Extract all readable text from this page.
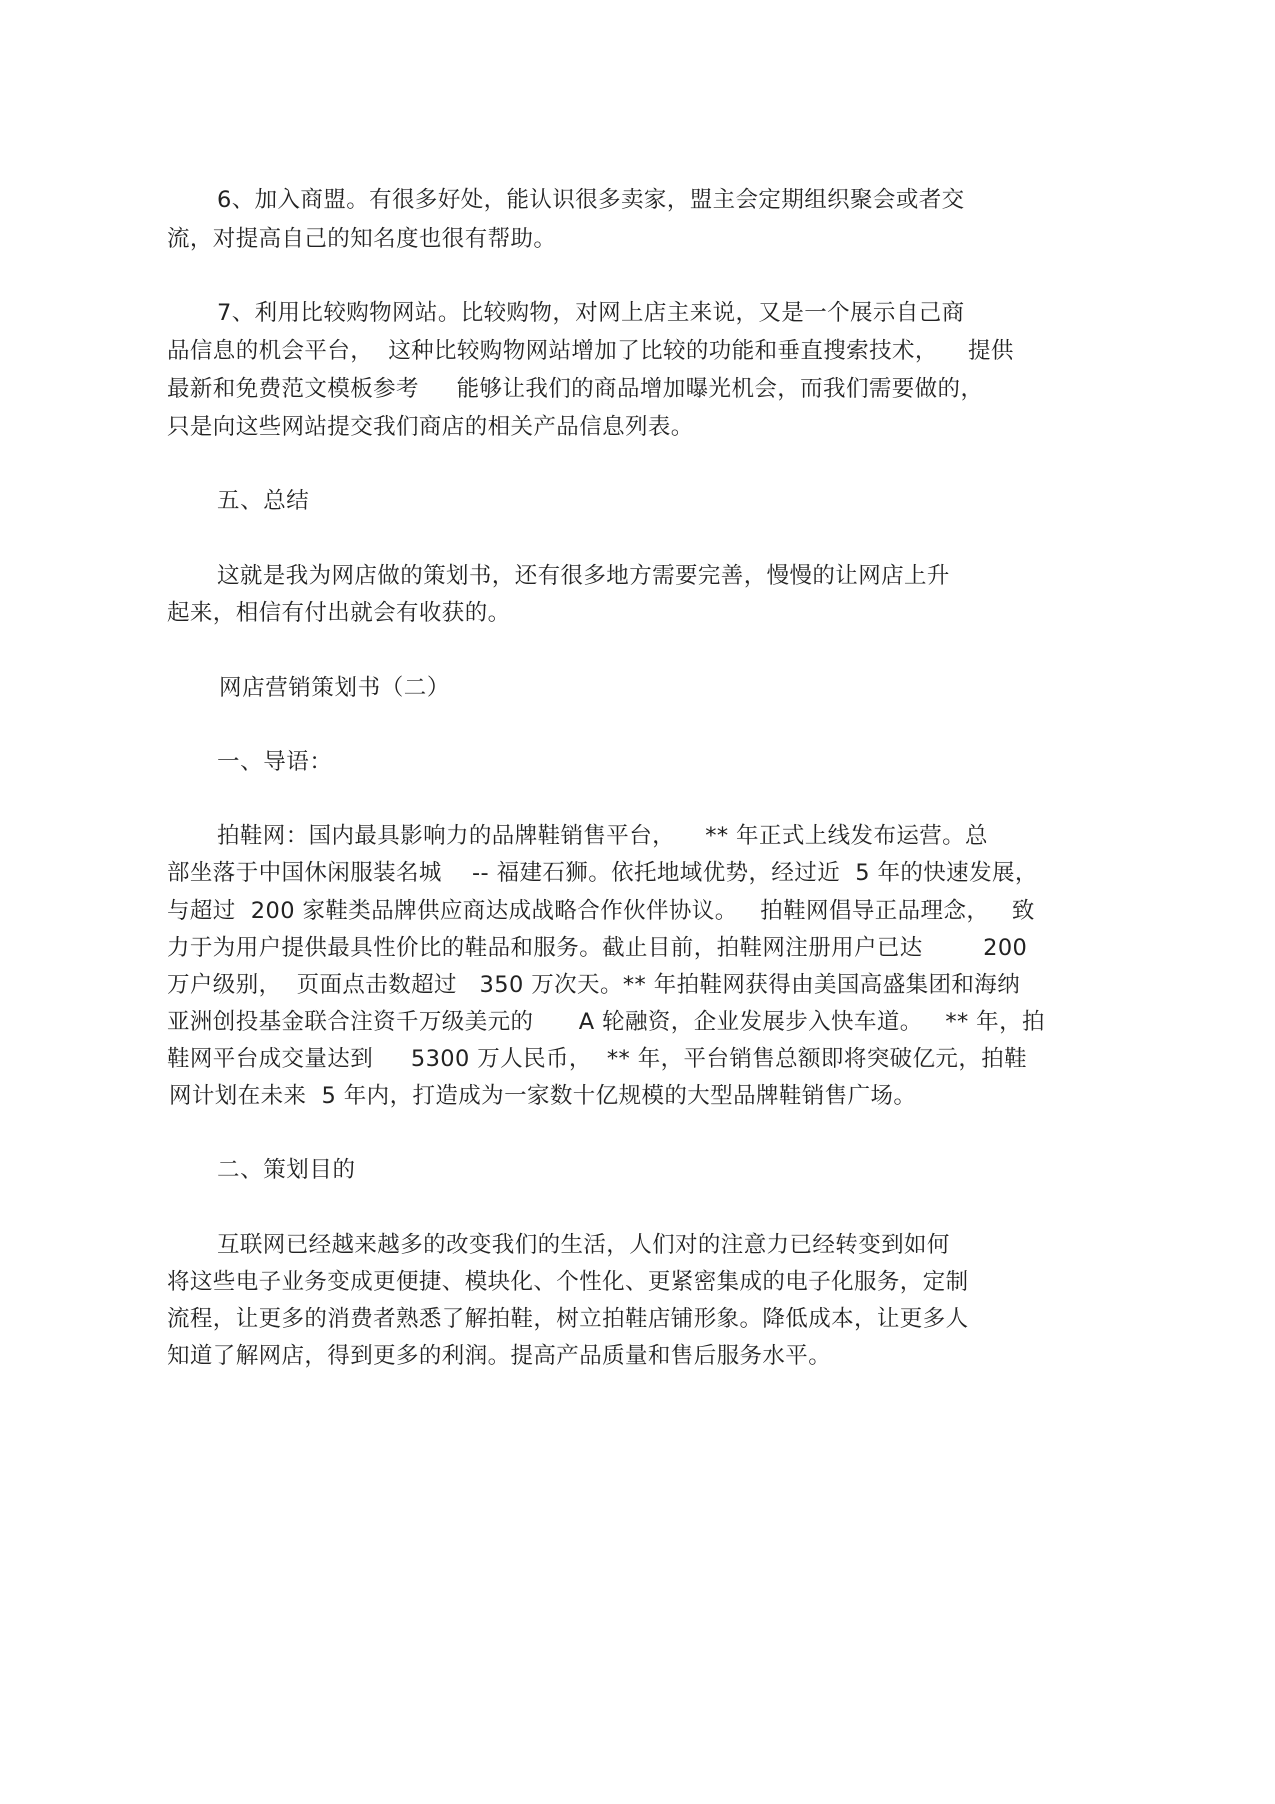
6、加入商盟。有很多好处，能认识很多卖家，盟主会定期组织聚会或者交
流，对提高自己的知名度也很有帮助。
7、利用比较购物网站。比较购物，对网上店主来说，又是一个展示自己商
品信息的机会平台，  这种比较购物网站增加了比较的功能和垂直搜索技术，    提供
最新和免费范文模板参考     能够让我们的商品增加曝光机会，而我们需要做的，
只是向这些网站提交我们商店的相关产品信息列表。
五、总结
这就是我为网店做的策划书，还有很多地方需要完善，慢慢的让网店上升
起来，相信有付出就会有收获的。
网店营销策划书（二）
一、导语：
拍鞋网：国内最具影响力的品牌鞋销售平台，    ** 年正式上线发布运营。总
部坐落于中国休闲服装名城    -- 福建石狮。依托地域优势，经过近  5 年的快速发展，
与超过  200 家鞋类品牌供应商达成战略合作伙伴协议。   拍鞋网倡导正品理念，   致
力于为用户提供最具性价比的鞋品和服务。截止目前，拍鞋网注册用户已达        200
万户级别，  页面点击数超过   350 万次天。** 年拍鞋网获得由美国高盛集团和海纳
亚洲创投基金联合注资千万级美元的      A 轮融资，企业发展步入快车道。   ** 年，拍
鞋网平台成交量达到     5300 万人民币，  ** 年，平台销售总额即将突破亿元，拍鞋
网计划在未来  5 年内，打造成为一家数十亿规模的大型品牌鞋销售广场。
二、策划目的
互联网已经越来越多的改变我们的生活，人们对的注意力已经转变到如何
将这些电子业务变成更便捷、模块化、个性化、更紧密集成的电子化服务，定制
流程，让更多的消费者熟悉了解拍鞋，树立拍鞋店铺形象。降低成本，让更多人
知道了解网店，得到更多的利润。提高产品质量和售后服务水平。
